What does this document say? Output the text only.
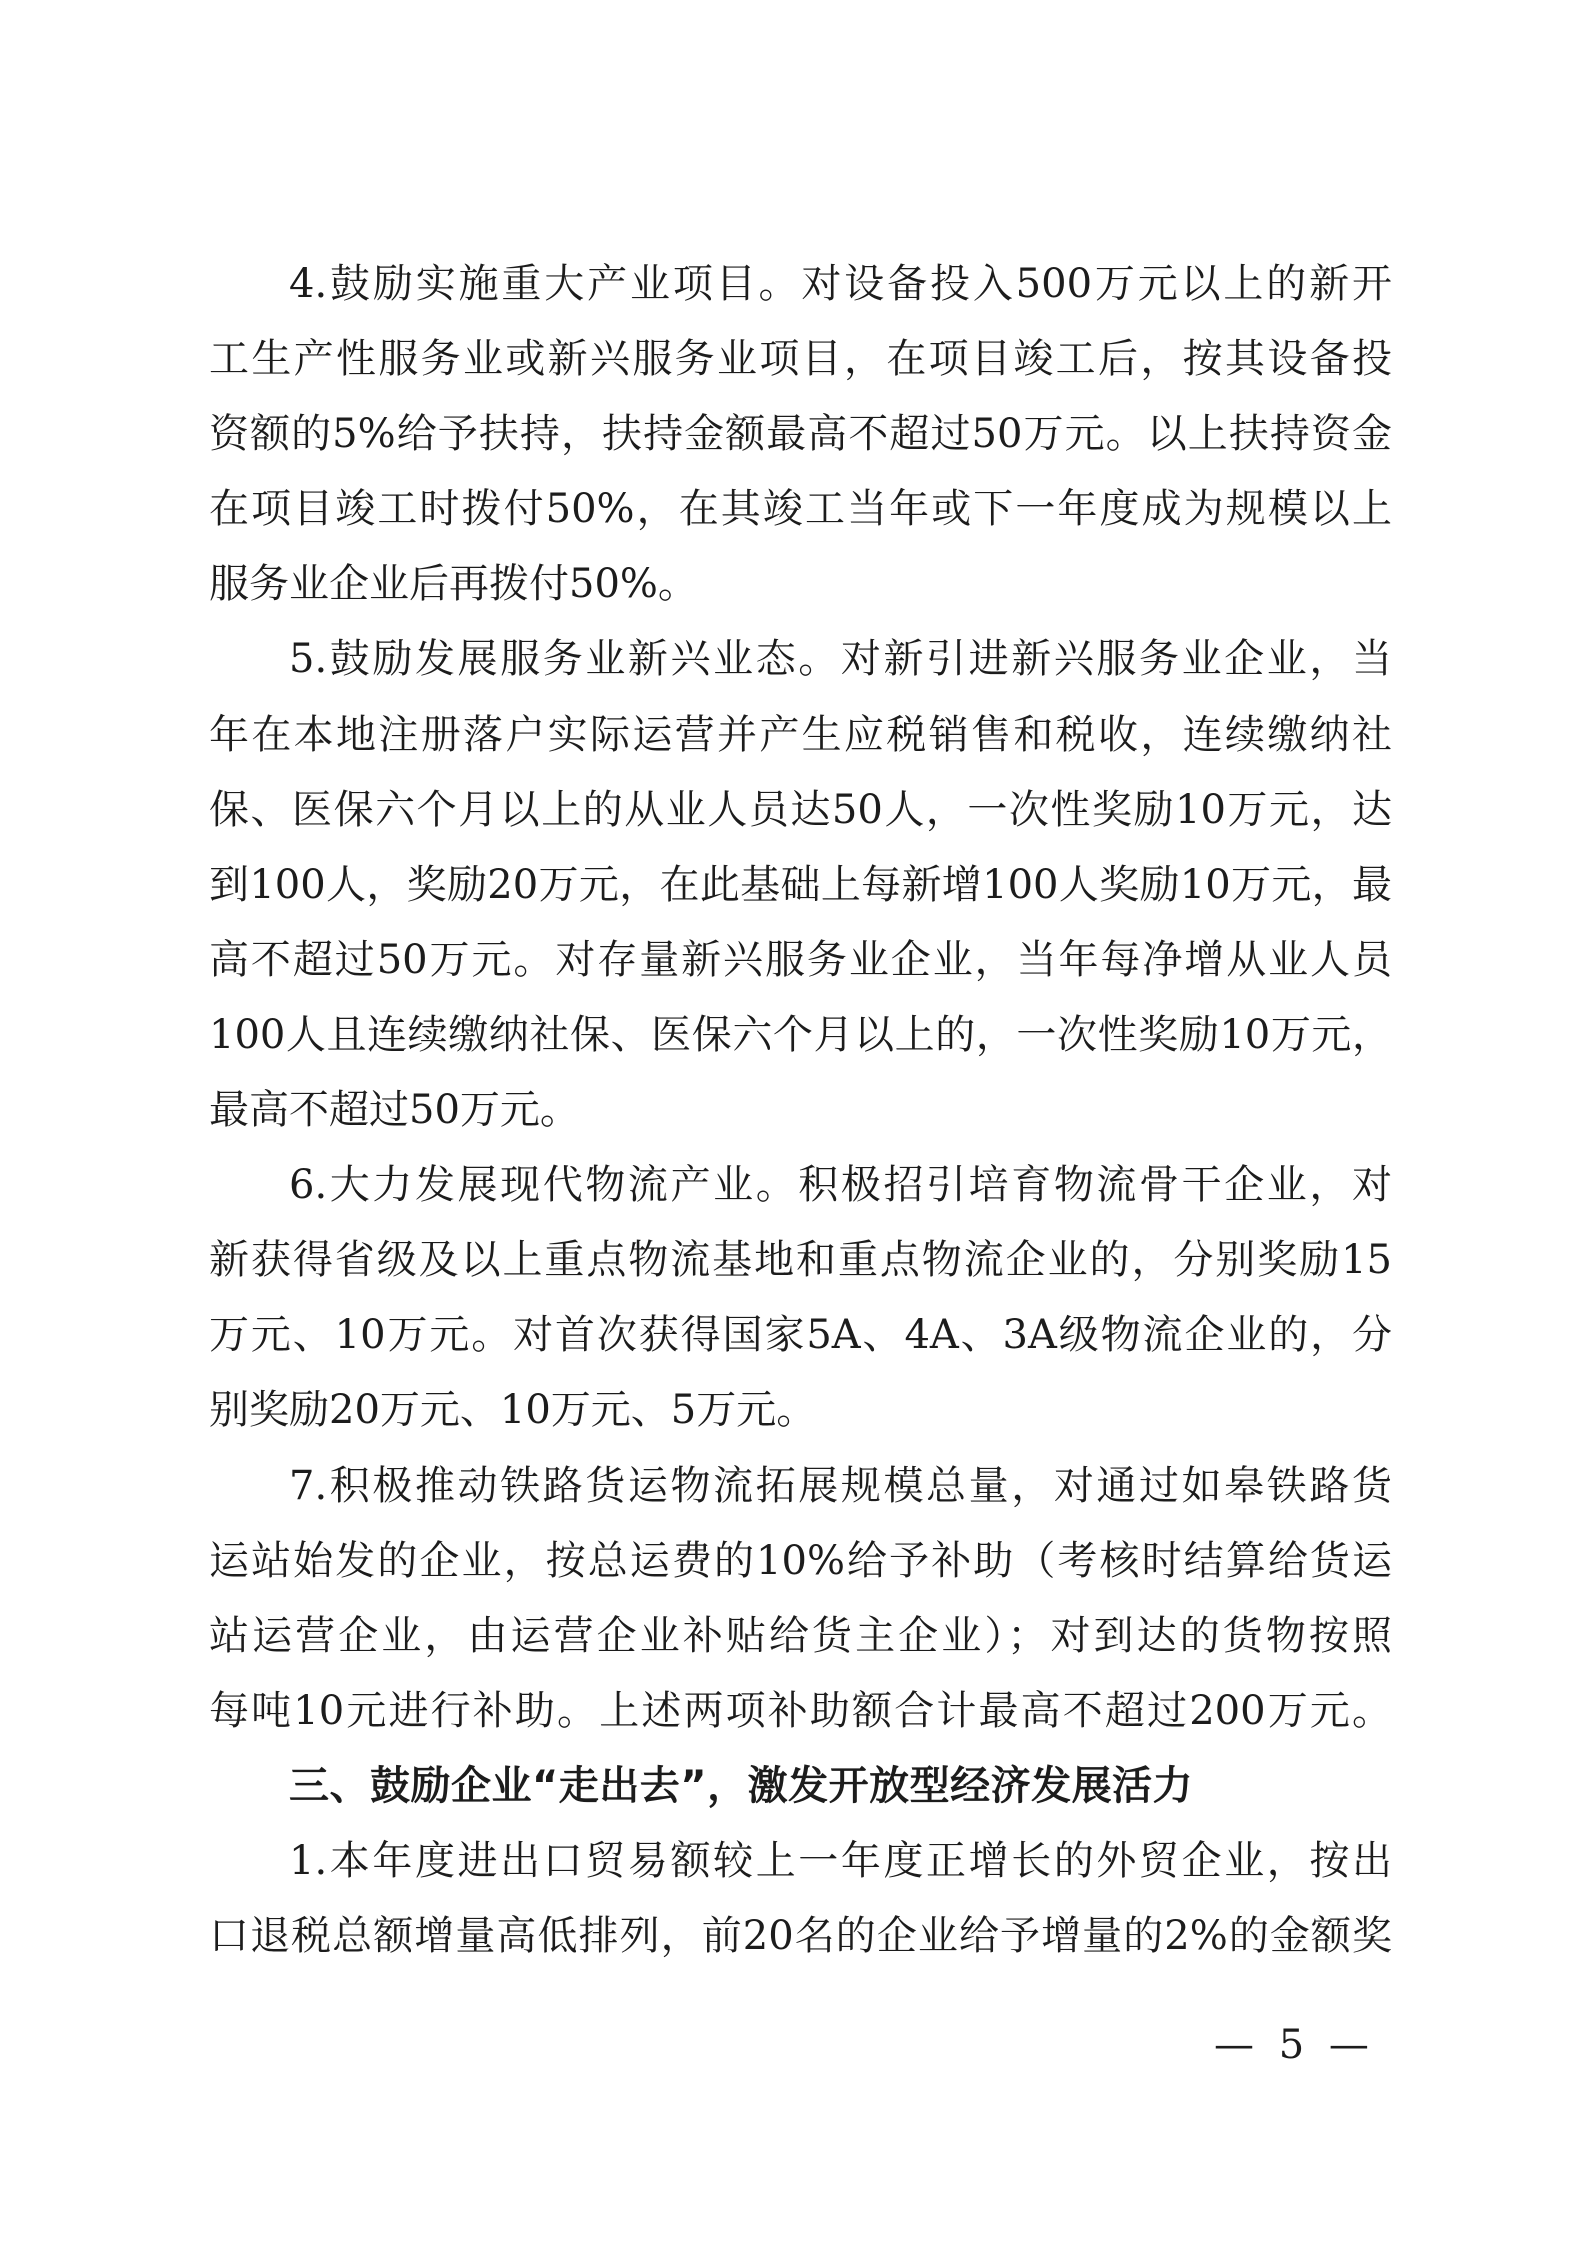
4.鼓励实施重大产业项目。对设备投入500万元以上的新开
工生产性服务业或新兴服务业项目，在项目竣工后，按其设备投
资额的5%给予扶持，扶持金额最高不超过50万元。以上扶持资金
在项目竣工时拨付50%，在其竣工当年或下一年度成为规模以上
服务业企业后再拨付50%。
5.鼓励发展服务业新兴业态。对新引进新兴服务业企业，当
年在本地注册落户实际运营并产生应税销售和税收，连续缴纳社
保、医保六个月以上的从业人员达50人，一次性奖励10万元，达
到100人，奖励20万元，在此基础上每新增100人奖励10万元，最
高不超过50万元。对存量新兴服务业企业，当年每净增从业人员
100人且连续缴纳社保、医保六个月以上的，一次性奖励10万元，
最高不超过50万元。
6.大力发展现代物流产业。积极招引培育物流骨干企业，对
新获得省级及以上重点物流基地和重点物流企业的，分别奖励15
万元、10万元。对首次获得国家5A、4A、3A级物流企业的，分
别奖励20万元、10万元、5万元。
7.积极推动铁路货运物流拓展规模总量，对通过如皋铁路货
运站始发的企业，按总运费的10%给予补助（考核时结算给货运
站运营企业，由运营企业补贴给货主企业）；对到达的货物按照
每吨10元进行补助。上述两项补助额合计最高不超过200万元。
三、鼓励企业“走出去”，激发开放型经济发展活力
1.本年度进出口贸易额较上一年度正增长的外贸企业，按出
口退税总额增量高低排列，前20名的企业给予增量的2%的金额奖
— 5 —
